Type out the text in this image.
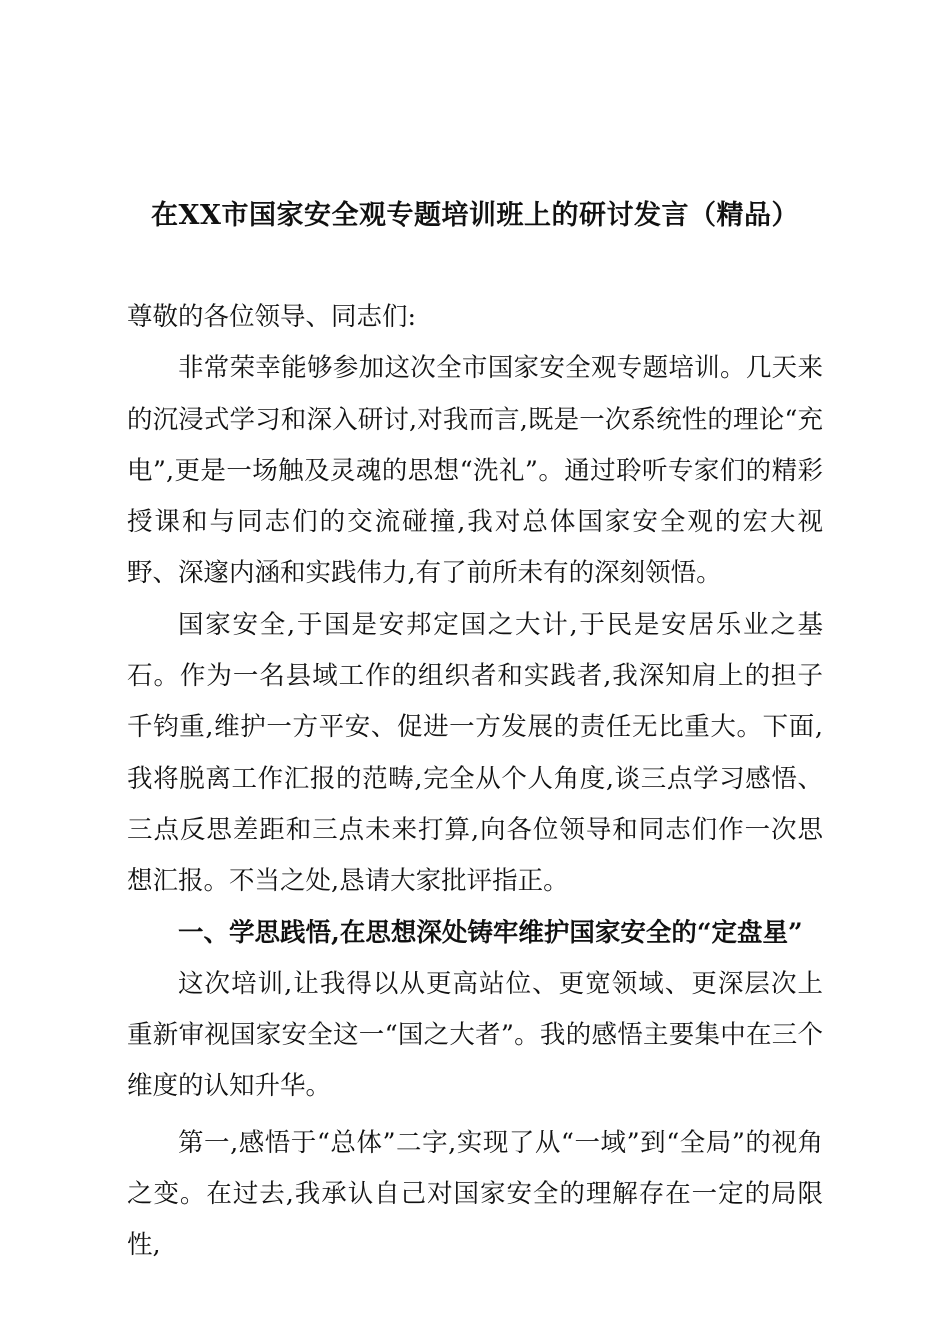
在XX市国家安全观专题培训班上的研讨发言（精品）

尊敬的各位领导、同志们:

非常荣幸能够参加这次全市国家安全观专题培训。几天来的沉浸式学习和深入研讨,对我而言,既是一次系统性的理论“充电”,更是一场触及灵魂的思想“洗礼”。通过聆听专家们的精彩授课和与同志们的交流碰撞,我对总体国家安全观的宏大视野、深邃内涵和实践伟力,有了前所未有的深刻领悟。

国家安全,于国是安邦定国之大计,于民是安居乐业之基石。作为一名县域工作的组织者和实践者,我深知肩上的担子千钧重,维护一方平安、促进一方发展的责任无比重大。下面,我将脱离工作汇报的范畴,完全从个人角度,谈三点学习感悟、三点反思差距和三点未来打算,向各位领导和同志们作一次思想汇报。不当之处,恳请大家批评指正。

一、学思践悟,在思想深处铸牢维护国家安全的“定盘星”

这次培训,让我得以从更高站位、更宽领域、更深层次上重新审视国家安全这一“国之大者”。我的感悟主要集中在三个维度的认知升华。

第一,感悟于“总体”二字,实现了从“一域”到“全局”的视角之变。在过去,我承认自己对国家安全的理解存在一定的局限性,
